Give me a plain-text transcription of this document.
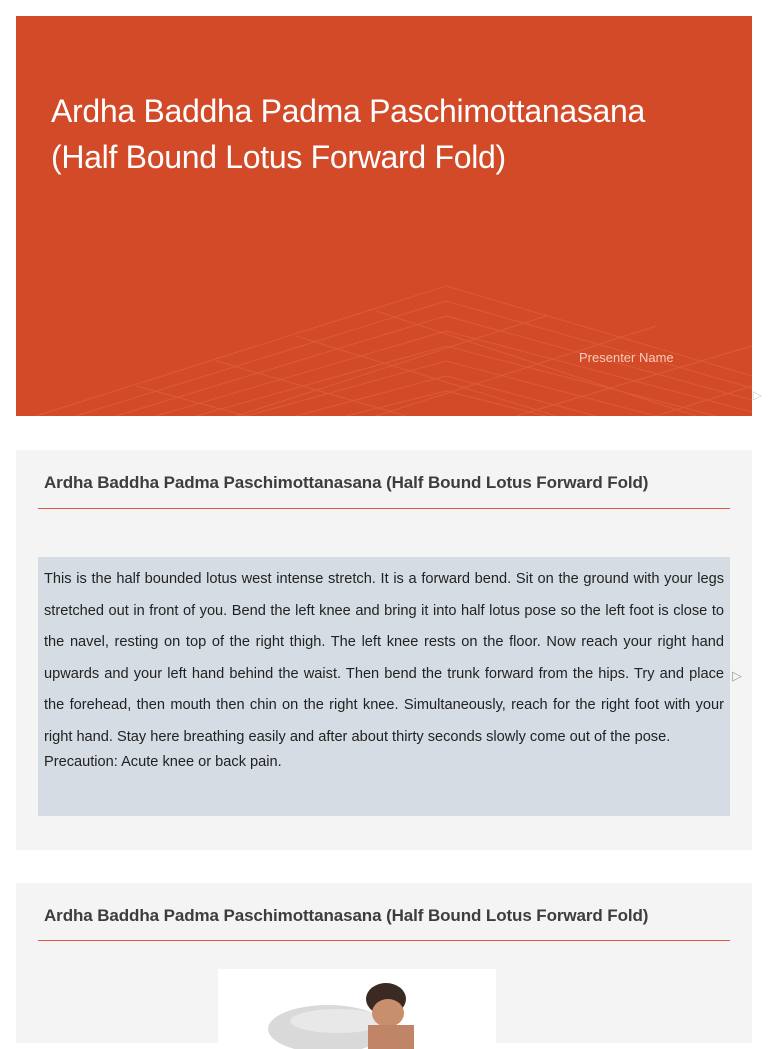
Ardha Baddha Padma Paschimottanasana
(Half Bound Lotus Forward Fold)
Presenter Name
▷
Ardha Baddha Padma Paschimottanasana (Half Bound Lotus Forward Fold)

This is the half bounded lotus west intense stretch. It is a forward bend. Sit on the ground with your legs stretched out in front of you. Bend the left knee and bring it into half lotus pose so the left foot is close to the navel, resting on top of the right thigh. The left knee rests on the floor. Now reach your right hand upwards and your left hand behind the waist. Then bend the trunk forward from the hips. Try and place the forehead, then mouth then chin on the right knee. Simultaneously, reach for the right foot with your right hand. Stay here breathing easily and after about thirty seconds slowly come out of the pose.

Precaution: Acute knee or back pain.

▷
Ardha Baddha Padma Paschimottanasana (Half Bound Lotus Forward Fold)
